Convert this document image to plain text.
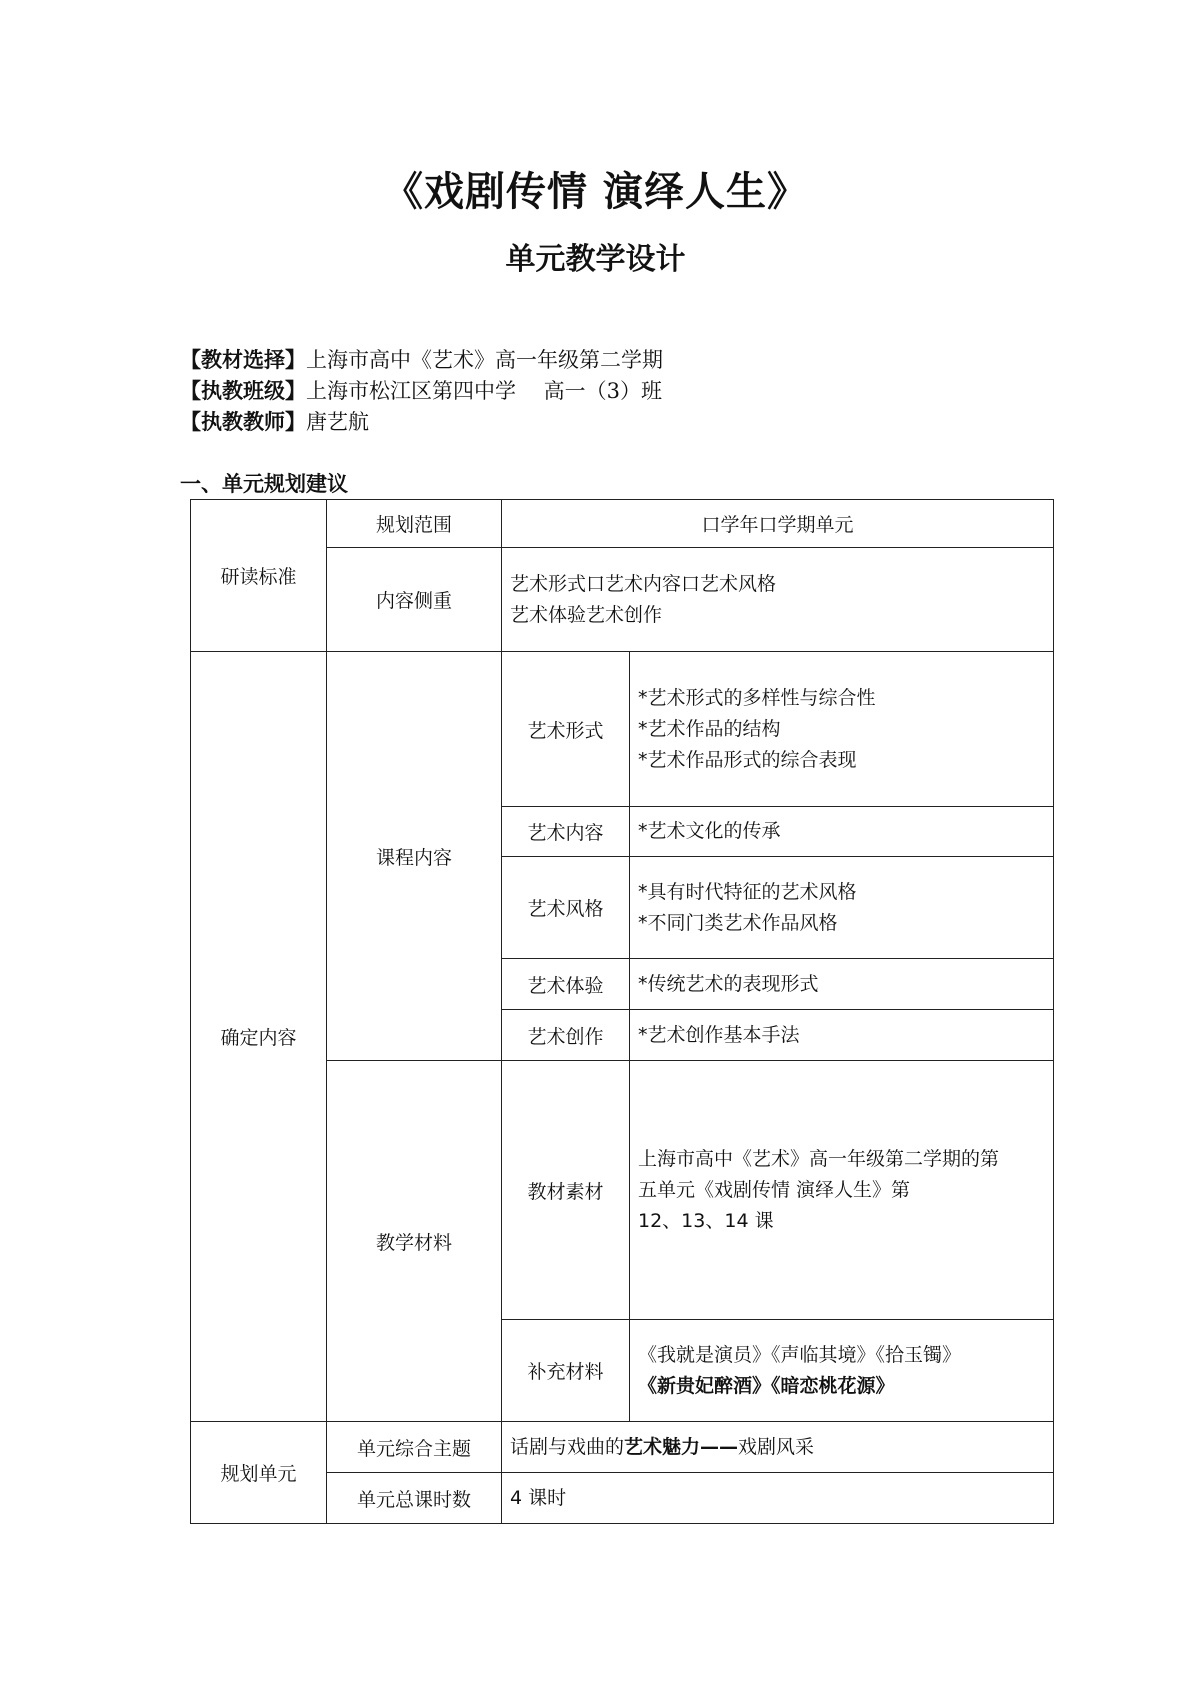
《戏剧传情 演绎人生》
单元教学设计
【教材选择】上海市高中《艺术》高一年级第二学期
【执教班级】上海市松江区第四中学　 高一（3）班
【执教教师】唐艺航
一、单元规划建议
研读标准	规划范围	口学年口学期单元	
	内容侧重	艺术形式口艺术内容口艺术风格
艺术体验艺术创作	

确定内容	课程内容	艺术形式	*艺术形式的多样性与综合性
*艺术作品的结构
*艺术作品形式的综合表现

		艺术内容	*艺术文化的传承

		艺术风格	*具有时代特征的艺术风格
*不同门类艺术作品风格

		艺术体验	*传统艺术的表现形式

		艺术创作	*艺术创作基本手法

	教学材料	教材素材	上海市高中《艺术》高一年级第二学期的第
五单元《戏剧传情 演绎人生》第
12、13、14 课

		补充材料	《我就是演员》《声临其境》《拾玉镯》
《新贵妃醉酒》《暗恋桃花源》

规划单元	单元综合主题	话剧与戏曲的艺术魅力——戏剧风采	
	单元总课时数	4 课时	
